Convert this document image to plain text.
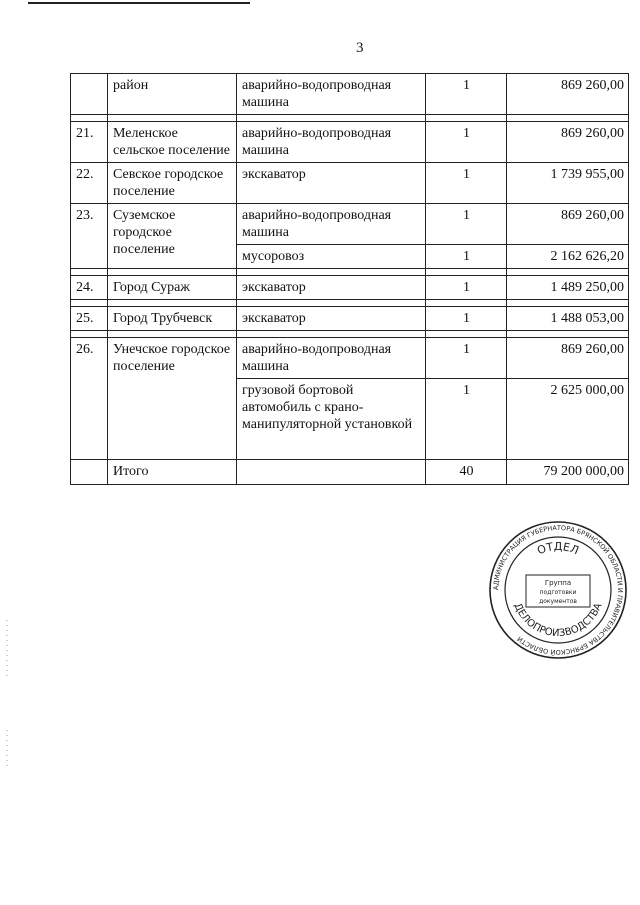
3
	район	аварийно-водопроводная машина	1	869 260,00

21.	Меленское сельское поселение	аварийно-водопроводная машина	1	869 260,00
22.	Севское городское поселение	экскаватор	1	1 739 955,00
23.	Суземское городское поселение	аварийно-водопроводная машина	1	869 260,00
		мусоровоз	1	2 162 626,20

24.	Город Сураж	экскаватор	1	1 489 250,00

25.	Город Трубчевск	экскаватор	1	1 488 053,00

26.	Унечское городское поселение	аварийно-водопроводная машина	1	869 260,00
		грузовой бортовой автомобиль с крано-манипуляторной установкой	1	2 625 000,00
	Итого		40	79 200 000,00
АДМИНИСТРАЦИЯ ГУБЕРНАТОРА БРЯНСКОЙ ОБЛАСТИ И ПРАВИТЕЛЬСТВА БРЯНСКОЙ ОБЛАСТИ
ОТДЕЛ
ДЕЛОПРОИЗВОДСТВА
Группа
подготовки
документов
